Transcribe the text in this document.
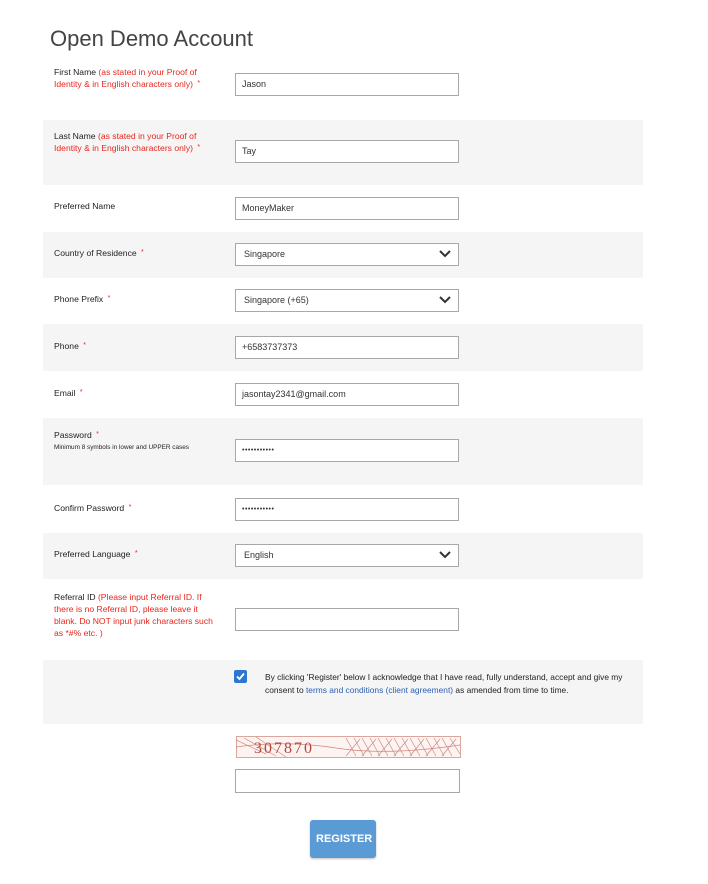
Open Demo Account
First Name (as stated in your Proof of Identity & in English characters only) *	Jason
Last Name (as stated in your Proof of Identity & in English characters only) *	Tay
Preferred Name	MoneyMaker
Country of Residence *	Singapore
Phone Prefix *	Singapore (+65)
Phone *	+6583737373
Email *	jasontay2341@gmail.com
Password *
Minimum 8 symbols in lower and UPPER cases	•••••••••••
Confirm Password *	•••••••••••
Preferred Language *	English
Referral ID (Please input Referral ID. If there is no Referral ID, please leave it blank. Do NOT input junk characters such as *#% etc. )
By clicking 'Register' below I acknowledge that I have read, fully understand, accept and give my consent to terms and conditions (client agreement) as amended from time to time.
307870
REGISTER
